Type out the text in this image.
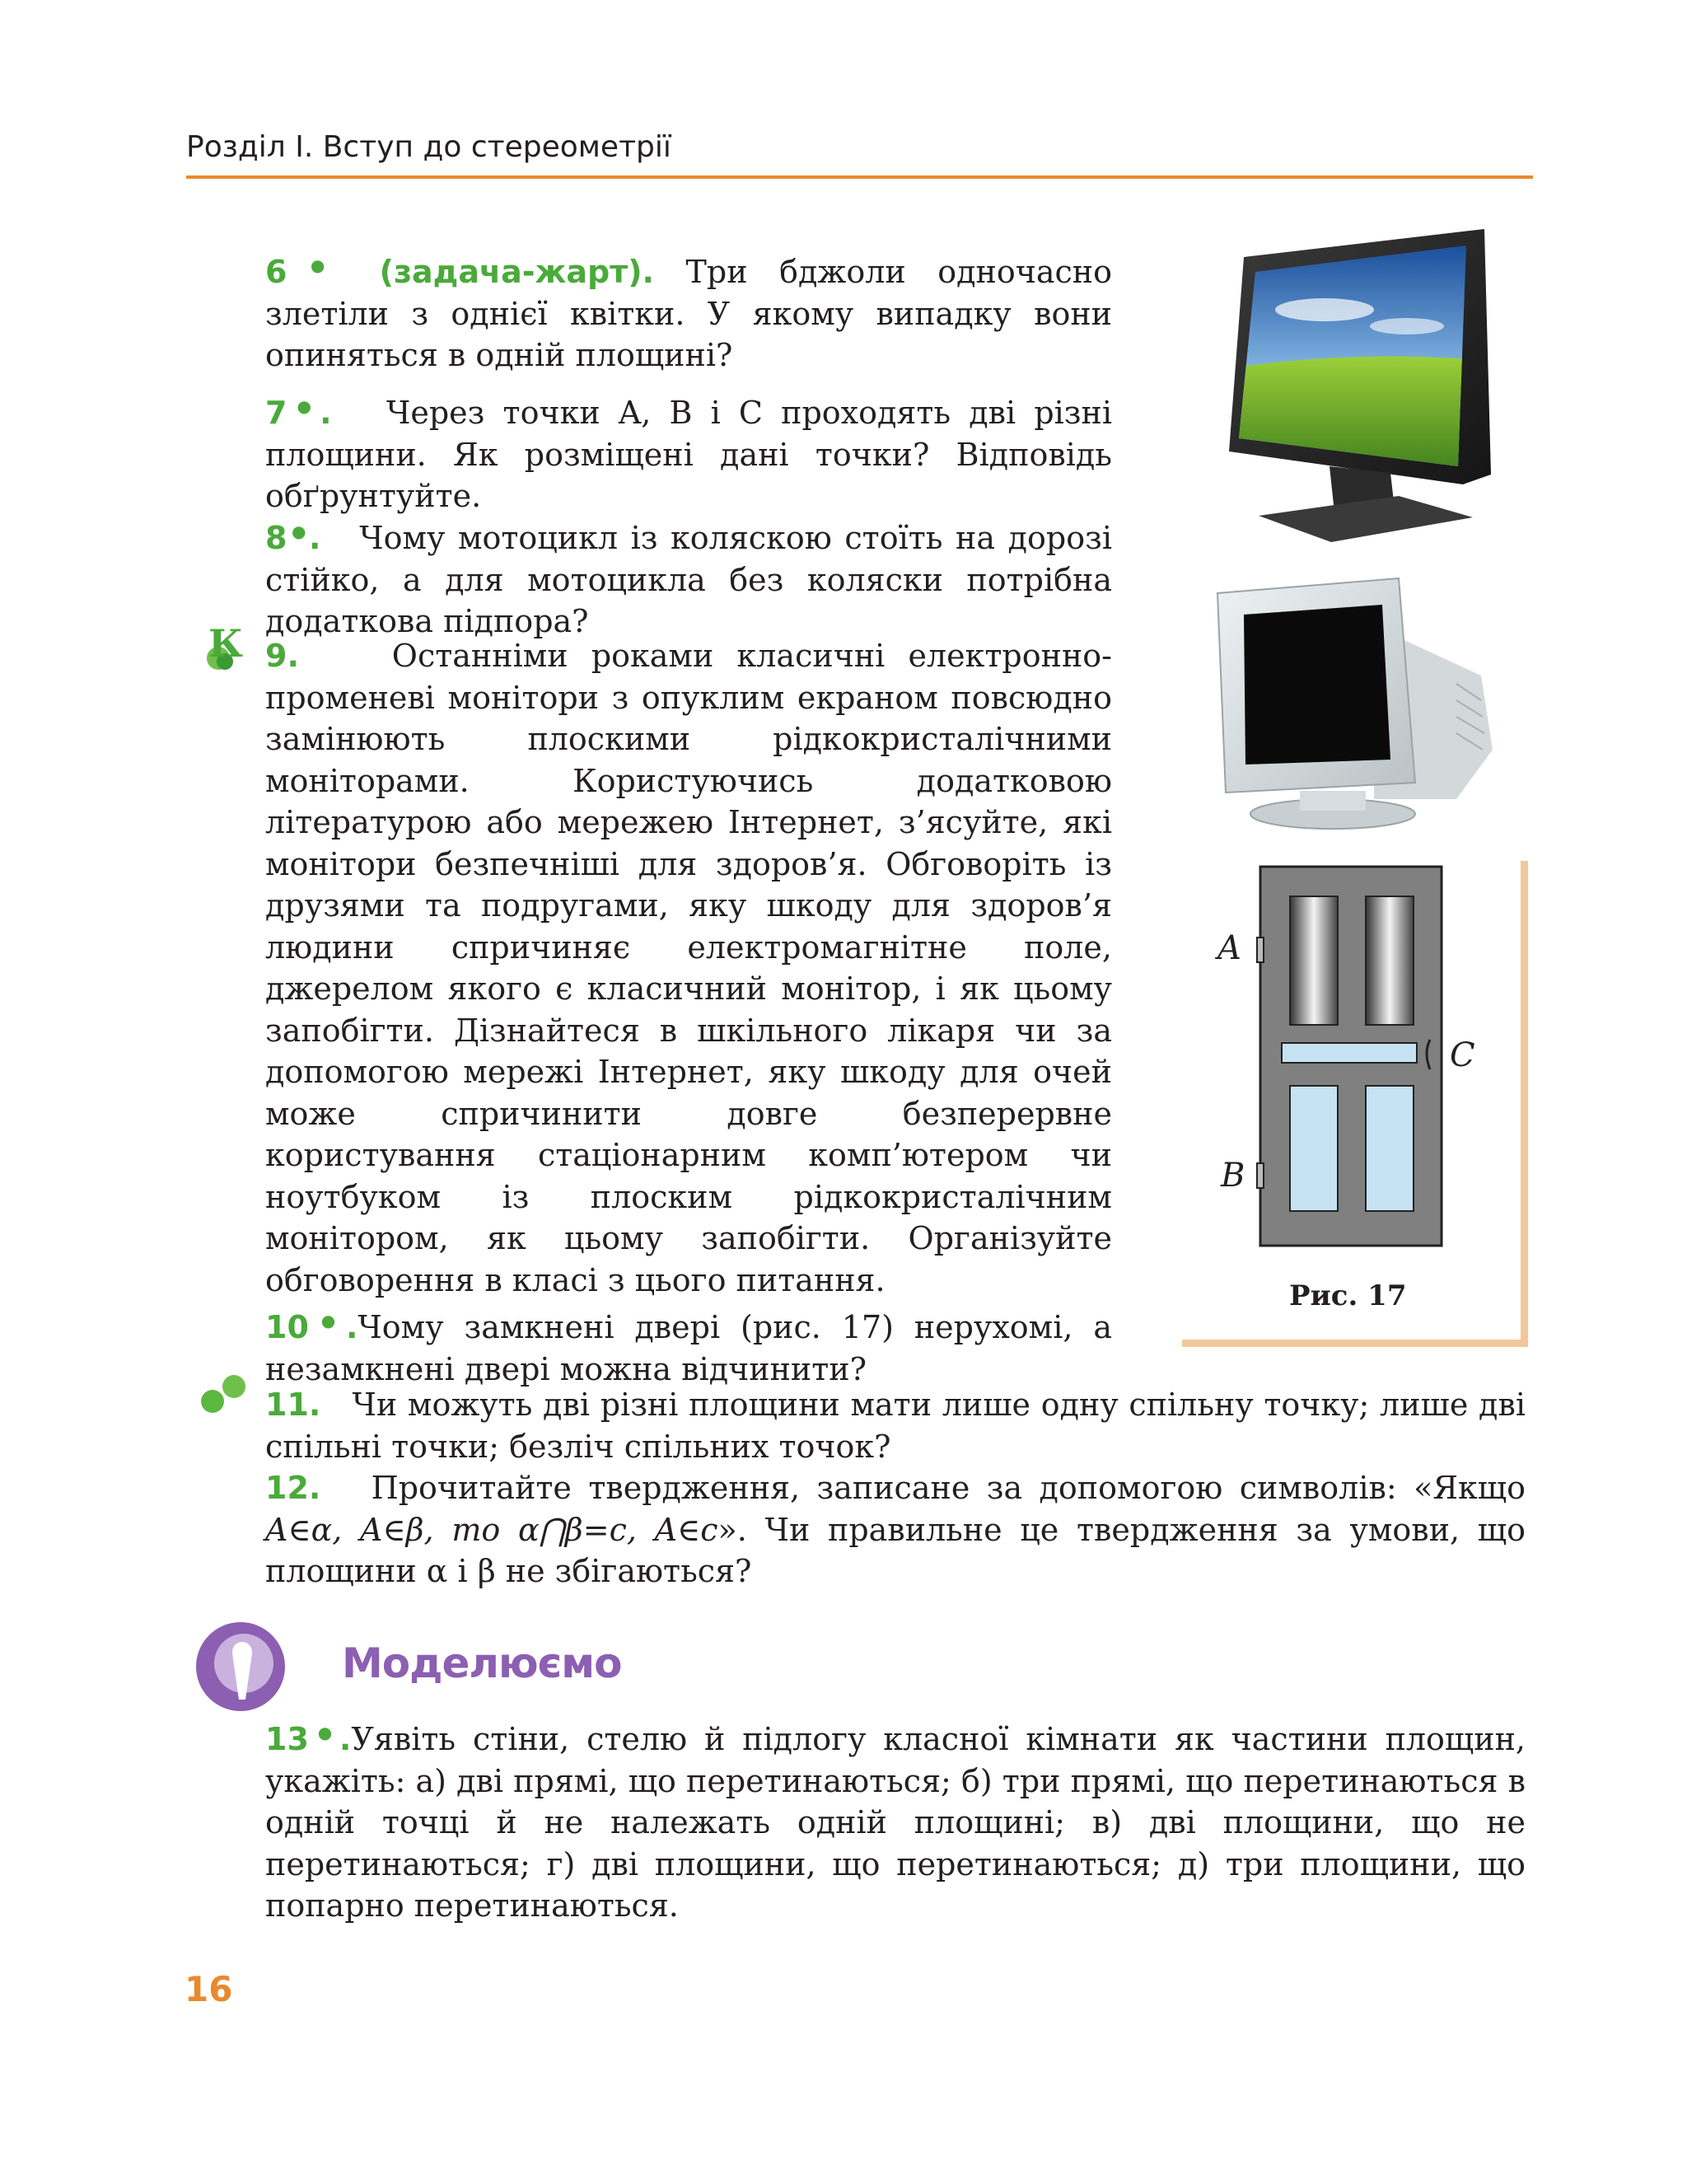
Розділ І. Вступ до стереометрії
6 ● (задача-жарт). Три бджоли одночасно злетіли з однієї квітки. У якому випадку вони опиняться в одній площині?
7 ●. Через точки A, B і C проходять дві різні площини. Як розміщені дані точки? Відповідь обґрунтуйте.
8 ●. Чому мотоцикл із коляскою стоїть на дорозі стійко, а для мотоцикла без коляски потрібна додаткова підпора?
К 9.	Останніми роками класичні електронно-променеві монітори з опуклим екраном повсюдно замінюють плоскими рідкокристалічними моніторами. Користуючись додатковою літературою або мережею Інтернет, з’ясуйте, які монітори безпечніші для здоров’я. Обговоріть із друзями та подругами, яку шкоду для здоров’я людини спричиняє електромагнітне поле, джерелом якого є класичний монітор, і як цьому запобігти. Дізнайтеся в шкільного лікаря чи за допомогою мережі Інтернет, яку шкоду для очей може спричинити довге безперервне користування стаціонарним комп’ютером чи ноутбуком із плоским рідкокристалічним монітором, як цьому запобігти. Організуйте обговорення в класі з цього питання.
10 ●.Чому замкнені двері (рис. 17) нерухомі, а незамкнені двері можна відчинити?
11. Чи можуть дві різні площини мати лише одну спільну точку; лише дві спільні точки; безліч спільних точок?
12. Прочитайте твердження, записане за допомогою символів: «Якщо A∈α, A∈β, то α⋂β=c, A∈c». Чи правильне це твердження за умови, що площини α і β не збігаються?
A
B
C
Рис. 17
Моделюємо
13 ●.Уявіть стіни, стелю й підлогу класної кімнати як частини площин, укажіть: а) дві прямі, що перетинаються; б) три прямі, що перетинаються в одній точці й не належать одній площині; в) дві площини, що не перетинаються; г) дві площини, що перетинаються; д) три площини, що попарно перетинаються.
16
